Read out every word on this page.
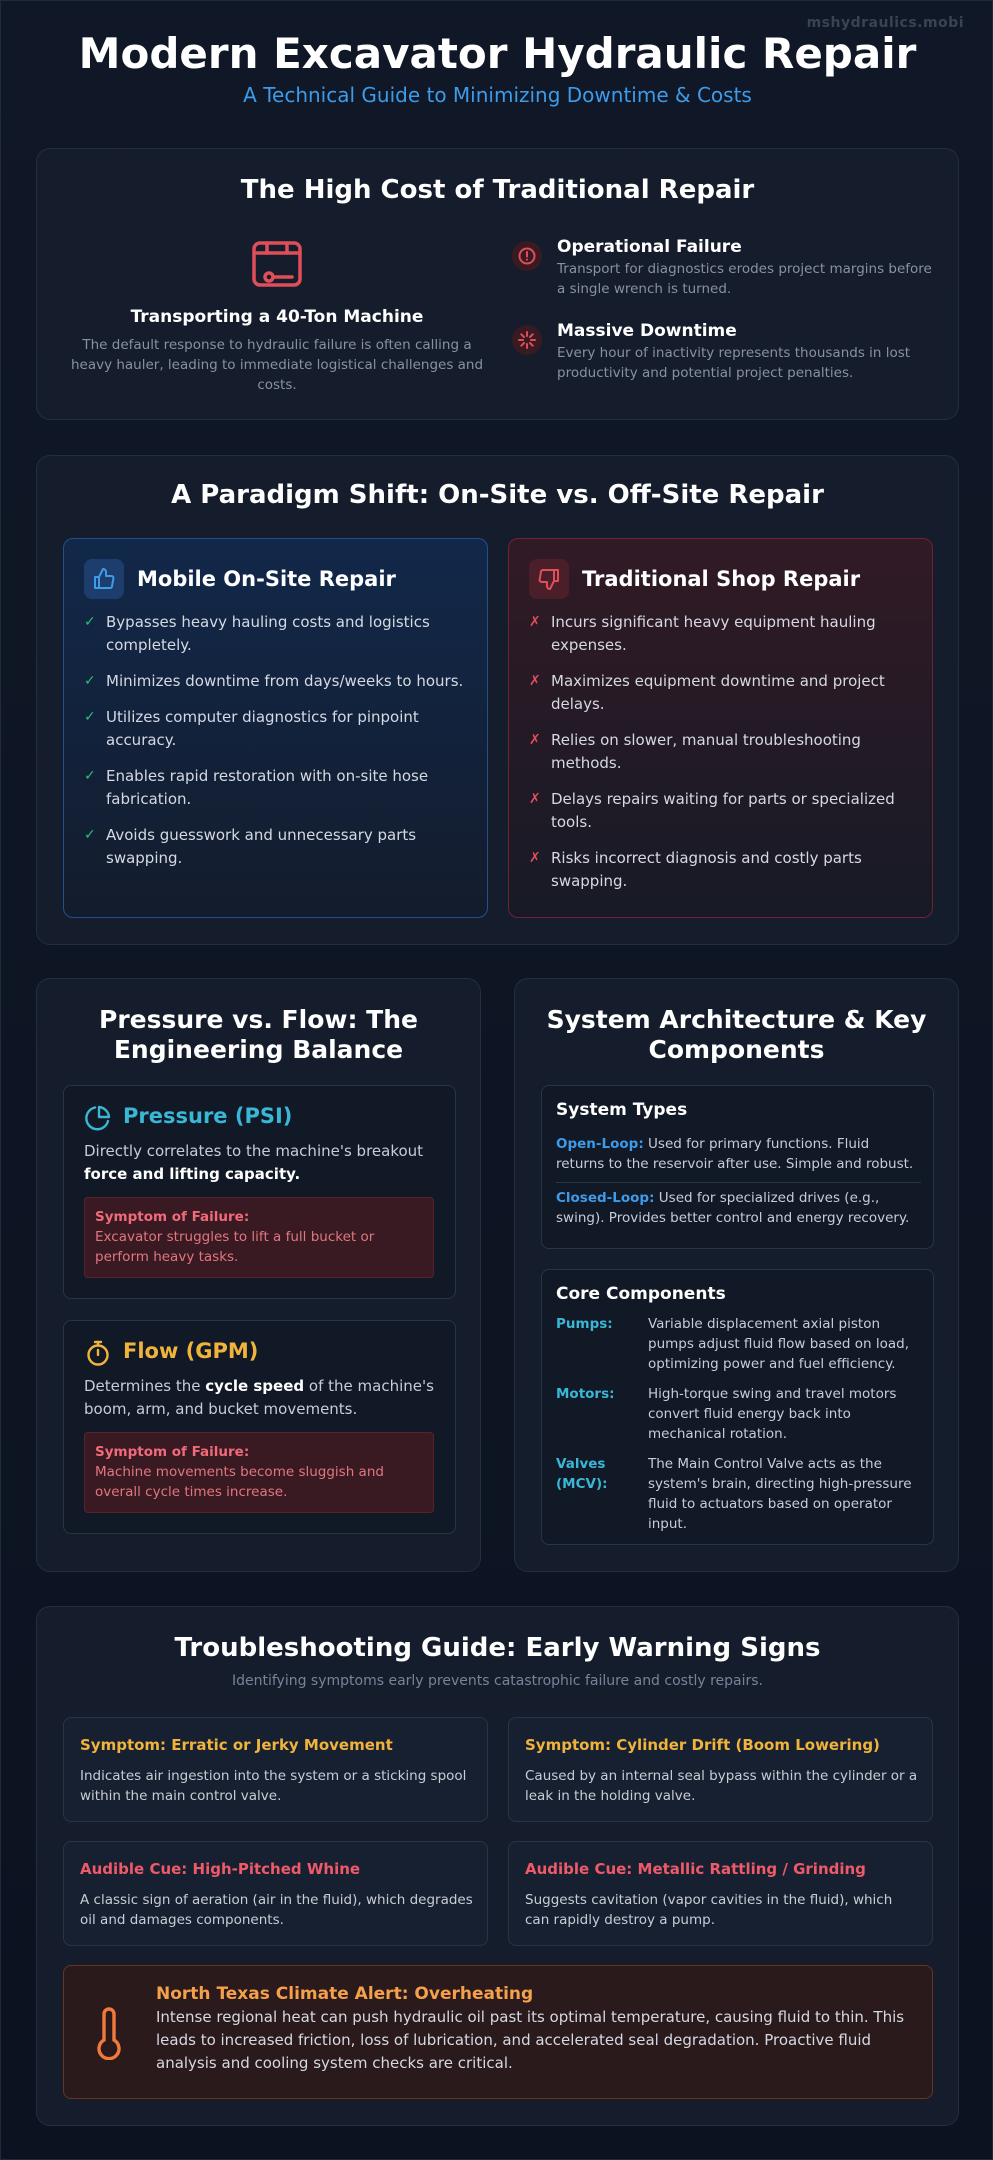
mshydraulics.mobi
Modern Excavator Hydraulic Repair
A Technical Guide to Minimizing Downtime & Costs
The High Cost of Traditional Repair
Transporting a 40-Ton Machine
The default response to hydraulic failure is often calling a heavy hauler, leading to immediate logistical challenges and costs.
Operational Failure
Transport for diagnostics erodes project margins before a single wrench is turned.
Massive Downtime
Every hour of inactivity represents thousands in lost productivity and potential project penalties.
A Paradigm Shift: On-Site vs. Off-Site Repair
Mobile On-Site Repair
✓ Bypasses heavy hauling costs and logistics completely.
✓ Minimizes downtime from days/weeks to hours.
✓ Utilizes computer diagnostics for pinpoint accuracy.
✓ Enables rapid restoration with on-site hose fabrication.
✓ Avoids guesswork and unnecessary parts swapping.
Traditional Shop Repair
✗ Incurs significant heavy equipment hauling expenses.
✗ Maximizes equipment downtime and project delays.
✗ Relies on slower, manual troubleshooting methods.
✗ Delays repairs waiting for parts or specialized tools.
✗ Risks incorrect diagnosis and costly parts swapping.
Pressure vs. Flow: The Engineering Balance
Pressure (PSI)
Directly correlates to the machine's breakout force and lifting capacity.
Symptom of Failure:
Excavator struggles to lift a full bucket or perform heavy tasks.
Flow (GPM)
Determines the cycle speed of the machine's boom, arm, and bucket movements.
Symptom of Failure:
Machine movements become sluggish and overall cycle times increase.
System Architecture & Key Components
System Types
Open-Loop: Used for primary functions. Fluid returns to the reservoir after use. Simple and robust.
Closed-Loop: Used for specialized drives (e.g., swing). Provides better control and energy recovery.
Core Components
Pumps:	Variable displacement axial piston pumps adjust fluid flow based on load, optimizing power and fuel efficiency.
Motors:	High-torque swing and travel motors convert fluid energy back into mechanical rotation.
Valves (MCV):
The Main Control Valve acts as the system's brain, directing high-pressure fluid to actuators based on operator input.
Troubleshooting Guide: Early Warning Signs
Identifying symptoms early prevents catastrophic failure and costly repairs.
Symptom: Erratic or Jerky Movement
Indicates air ingestion into the system or a sticking spool within the main control valve.
Symptom: Cylinder Drift (Boom Lowering)
Caused by an internal seal bypass within the cylinder or a leak in the holding valve.
Audible Cue: High-Pitched Whine
A classic sign of aeration (air in the fluid), which degrades oil and damages components.
Audible Cue: Metallic Rattling / Grinding
Suggests cavitation (vapor cavities in the fluid), which can rapidly destroy a pump.
North Texas Climate Alert: Overheating
Intense regional heat can push hydraulic oil past its optimal temperature, causing fluid to thin. This leads to increased friction, loss of lubrication, and accelerated seal degradation. Proactive fluid analysis and cooling system checks are critical.
